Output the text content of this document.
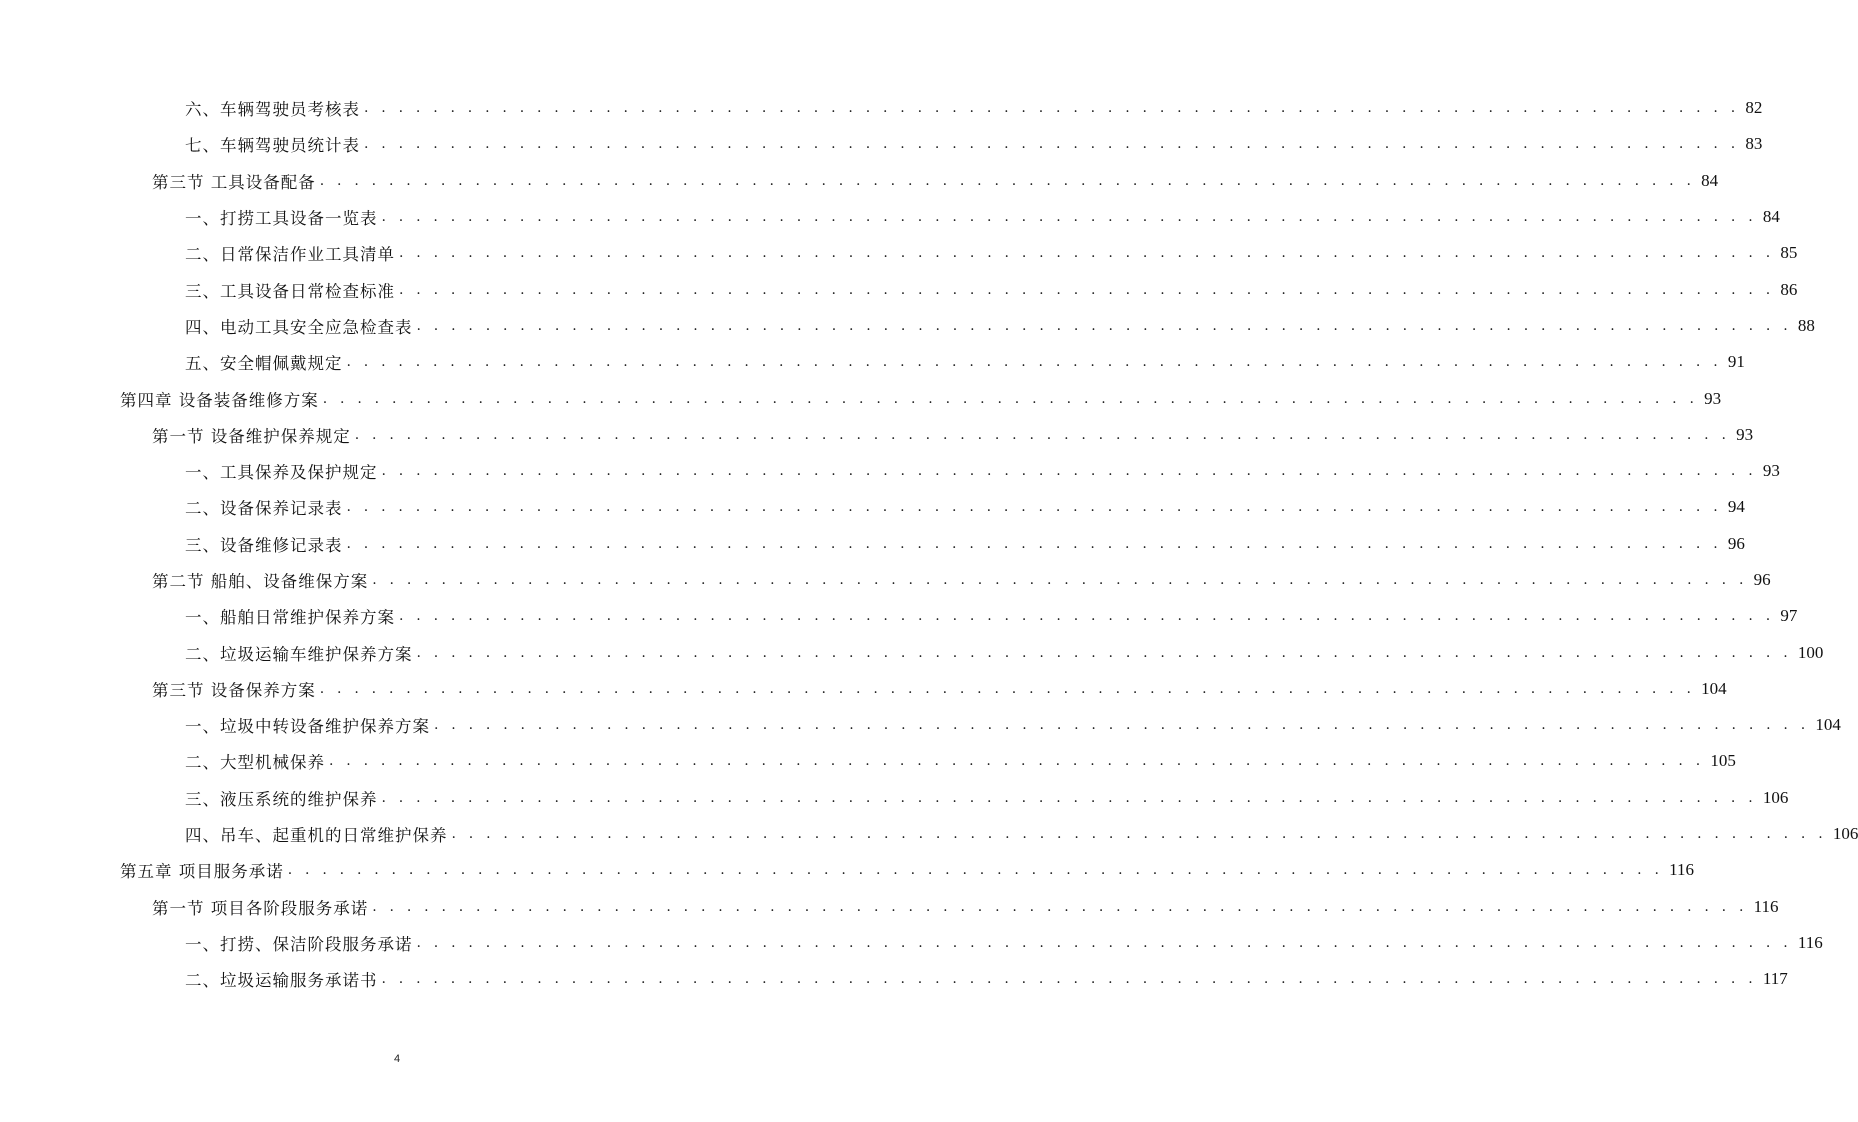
六、车辆驾驶员考核表 . . . . . . . . . . . . . . . . . . . . . . . . . . . . . . . . . . . . . . . . . . . . . . . . . . . . . . . . . . . . . . . . . . . . . . . . . . . . . . . . 82
七、车辆驾驶员统计表 . . . . . . . . . . . . . . . . . . . . . . . . . . . . . . . . . . . . . . . . . . . . . . . . . . . . . . . . . . . . . . . . . . . . . . . . . . . . . . . . 83
第三节 工具设备配备 . . . . . . . . . . . . . . . . . . . . . . . . . . . . . . . . . . . . . . . . . . . . . . . . . . . . . . . . . . . . . . . . . . . . . . . . . . . . . . . . 84
一、打捞工具设备一览表 . . . . . . . . . . . . . . . . . . . . . . . . . . . . . . . . . . . . . . . . . . . . . . . . . . . . . . . . . . . . . . . . . . . . . . . . . . . . . . . . 84
二、日常保洁作业工具清单 . . . . . . . . . . . . . . . . . . . . . . . . . . . . . . . . . . . . . . . . . . . . . . . . . . . . . . . . . . . . . . . . . . . . . . . . . . . . . . . . 85
三、工具设备日常检查标准 . . . . . . . . . . . . . . . . . . . . . . . . . . . . . . . . . . . . . . . . . . . . . . . . . . . . . . . . . . . . . . . . . . . . . . . . . . . . . . . . 86
四、电动工具安全应急检查表 . . . . . . . . . . . . . . . . . . . . . . . . . . . . . . . . . . . . . . . . . . . . . . . . . . . . . . . . . . . . . . . . . . . . . . . . . . . . . . . . 88
五、安全帽佩戴规定 . . . . . . . . . . . . . . . . . . . . . . . . . . . . . . . . . . . . . . . . . . . . . . . . . . . . . . . . . . . . . . . . . . . . . . . . . . . . . . . . 91
第四章 设备装备维修方案 . . . . . . . . . . . . . . . . . . . . . . . . . . . . . . . . . . . . . . . . . . . . . . . . . . . . . . . . . . . . . . . . . . . . . . . . . . . . . . . . 93
第一节 设备维护保养规定 . . . . . . . . . . . . . . . . . . . . . . . . . . . . . . . . . . . . . . . . . . . . . . . . . . . . . . . . . . . . . . . . . . . . . . . . . . . . . . . . 93
一、工具保养及保护规定 . . . . . . . . . . . . . . . . . . . . . . . . . . . . . . . . . . . . . . . . . . . . . . . . . . . . . . . . . . . . . . . . . . . . . . . . . . . . . . . . 93
二、设备保养记录表 . . . . . . . . . . . . . . . . . . . . . . . . . . . . . . . . . . . . . . . . . . . . . . . . . . . . . . . . . . . . . . . . . . . . . . . . . . . . . . . . 94
三、设备维修记录表 . . . . . . . . . . . . . . . . . . . . . . . . . . . . . . . . . . . . . . . . . . . . . . . . . . . . . . . . . . . . . . . . . . . . . . . . . . . . . . . . 96
第二节 船舶、设备维保方案 . . . . . . . . . . . . . . . . . . . . . . . . . . . . . . . . . . . . . . . . . . . . . . . . . . . . . . . . . . . . . . . . . . . . . . . . . . . . . . . . 96
一、船舶日常维护保养方案 . . . . . . . . . . . . . . . . . . . . . . . . . . . . . . . . . . . . . . . . . . . . . . . . . . . . . . . . . . . . . . . . . . . . . . . . . . . . . . . . 97
二、垃圾运输车维护保养方案 . . . . . . . . . . . . . . . . . . . . . . . . . . . . . . . . . . . . . . . . . . . . . . . . . . . . . . . . . . . . . . . . . . . . . . . . . . . . . . . . 100
第三节 设备保养方案 . . . . . . . . . . . . . . . . . . . . . . . . . . . . . . . . . . . . . . . . . . . . . . . . . . . . . . . . . . . . . . . . . . . . . . . . . . . . . . . . 104
一、垃圾中转设备维护保养方案 . . . . . . . . . . . . . . . . . . . . . . . . . . . . . . . . . . . . . . . . . . . . . . . . . . . . . . . . . . . . . . . . . . . . . . . . . . . . . . . . 104
二、大型机械保养 . . . . . . . . . . . . . . . . . . . . . . . . . . . . . . . . . . . . . . . . . . . . . . . . . . . . . . . . . . . . . . . . . . . . . . . . . . . . . . . . 105
三、液压系统的维护保养 . . . . . . . . . . . . . . . . . . . . . . . . . . . . . . . . . . . . . . . . . . . . . . . . . . . . . . . . . . . . . . . . . . . . . . . . . . . . . . . . 106
四、吊车、起重机的日常维护保养 . . . . . . . . . . . . . . . . . . . . . . . . . . . . . . . . . . . . . . . . . . . . . . . . . . . . . . . . . . . . . . . . . . . . . . . . . . . . . . . . 106
第五章 项目服务承诺 . . . . . . . . . . . . . . . . . . . . . . . . . . . . . . . . . . . . . . . . . . . . . . . . . . . . . . . . . . . . . . . . . . . . . . . . . . . . . . . . 116
第一节 项目各阶段服务承诺 . . . . . . . . . . . . . . . . . . . . . . . . . . . . . . . . . . . . . . . . . . . . . . . . . . . . . . . . . . . . . . . . . . . . . . . . . . . . . . . . 116
一、打捞、保洁阶段服务承诺 . . . . . . . . . . . . . . . . . . . . . . . . . . . . . . . . . . . . . . . . . . . . . . . . . . . . . . . . . . . . . . . . . . . . . . . . . . . . . . . . 116
二、垃圾运输服务承诺书 . . . . . . . . . . . . . . . . . . . . . . . . . . . . . . . . . . . . . . . . . . . . . . . . . . . . . . . . . . . . . . . . . . . . . . . . . . . . . . . . 117
4
